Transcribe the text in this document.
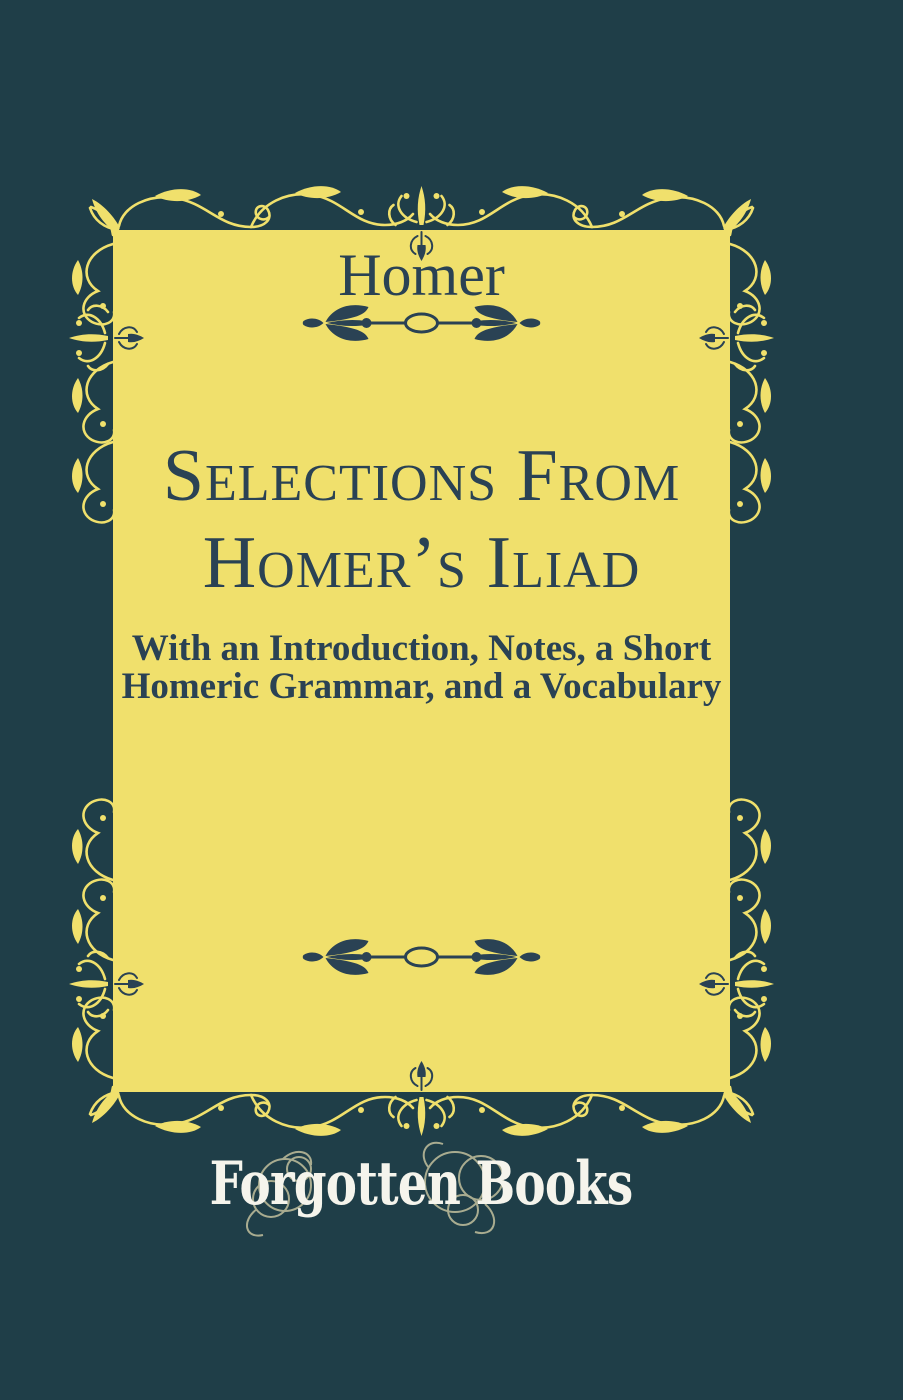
Homer
Selections From
Homer’s Iliad
With an Introduction, Notes, a Short
Homeric Grammar, and a Vocabulary
Forgotten Books
